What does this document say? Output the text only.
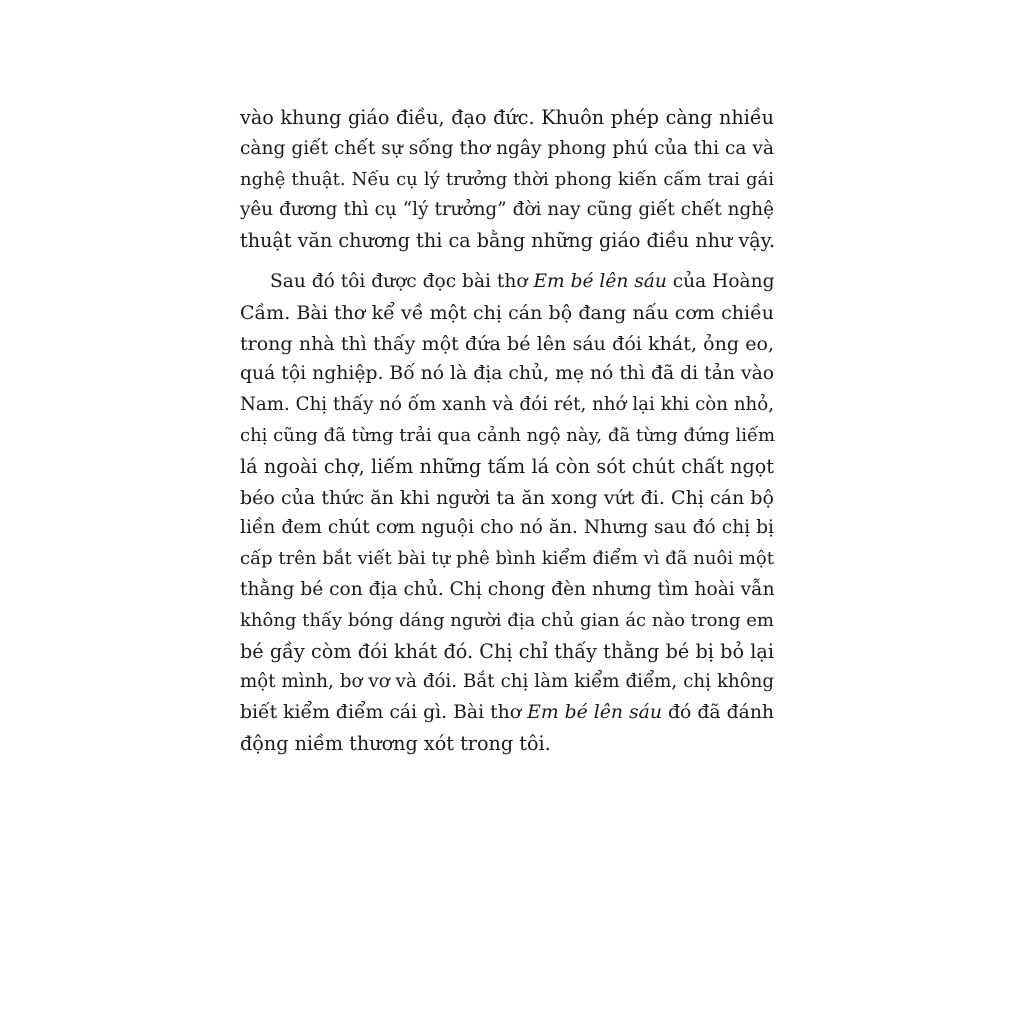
vào khung giáo điều, đạo đức. Khuôn phép càng nhiều
càng giết chết sự sống thơ ngây phong phú của thi ca và
nghệ thuật. Nếu cụ lý trưởng thời phong kiến cấm trai gái
yêu đương thì cụ “lý trưởng” đời nay cũng giết chết nghệ
thuật văn chương thi ca bằng những giáo điều như vậy.
Sau đó tôi được đọc bài thơ Em bé lên sáu của Hoàng
Cầm. Bài thơ kể về một chị cán bộ đang nấu cơm chiều
trong nhà thì thấy một đứa bé lên sáu đói khát, ỏng eo,
quá tội nghiệp. Bố nó là địa chủ, mẹ nó thì đã di tản vào
Nam. Chị thấy nó ốm xanh và đói rét, nhớ lại khi còn nhỏ,
chị cũng đã từng trải qua cảnh ngộ này, đã từng đứng liếm
lá ngoài chợ, liếm những tấm lá còn sót chút chất ngọt
béo của thức ăn khi người ta ăn xong vứt đi. Chị cán bộ
liền đem chút cơm nguội cho nó ăn. Nhưng sau đó chị bị
cấp trên bắt viết bài tự phê bình kiểm điểm vì đã nuôi một
thằng bé con địa chủ. Chị chong đèn nhưng tìm hoài vẫn
không thấy bóng dáng người địa chủ gian ác nào trong em
bé gầy còm đói khát đó. Chị chỉ thấy thằng bé bị bỏ lại
một mình, bơ vơ và đói. Bắt chị làm kiểm điểm, chị không
biết kiểm điểm cái gì. Bài thơ Em bé lên sáu đó đã đánh
động niềm thương xót trong tôi.
